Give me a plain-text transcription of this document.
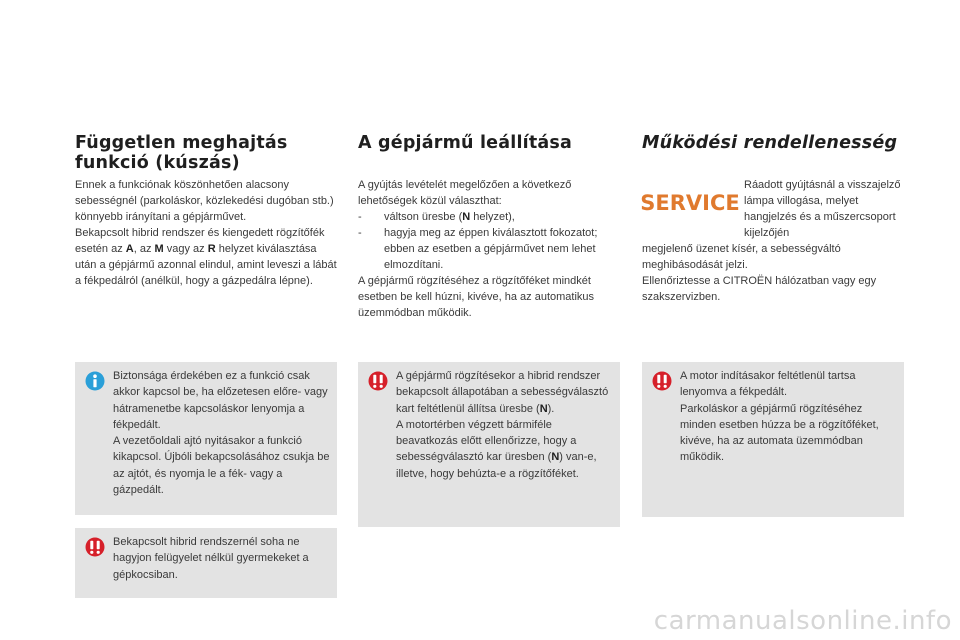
Független meghajtás
funkció (kúszás)

Ennek a funkciónak köszönhetően alacsony sebességnél (parkoláskor, közlekedési dugóban stb.) könnyebb irányítani a gépjárművet.

Bekapcsolt hibrid rendszer és kiengedett rögzítőfék esetén az A, az M vagy az R helyzet kiválasztása után a gépjármű azonnal elindul, amint leveszi a lábát a fékpedálról (anélkül, hogy a gázpedálra lépne).

Biztonsága érdekében ez a funkció csak akkor kapcsol be, ha előzetesen előre- vagy hátramenetbe kapcsoláskor lenyomja a fékpedált.

A vezetőoldali ajtó nyitásakor a funkció kikapcsol. Újbóli bekapcsolásához csukja be az ajtót, és nyomja le a fék- vagy a gázpedált.

Bekapcsolt hibrid rendszernél soha ne hagyjon felügyelet nélkül gyermekeket a gépkocsiban.
A gépjármű leállítása

A gyújtás levételét megelőzően a következő lehetőségek közül választhat:

-	váltson üresbe (N helyzet),
-	hagyja meg az éppen kiválasztott fokozatot; ebben az esetben a gépjárművet nem lehet elmozdítani.

A gépjármű rögzítéséhez a rögzítőféket mindkét esetben be kell húzni, kivéve, ha az automatikus üzemmódban működik.

A gépjármű rögzítésekor a hibrid rendszer bekapcsolt állapotában a sebességválasztó kart feltétlenül állítsa üresbe (N).

A motortérben végzett bármiféle beavatkozás előtt ellenőrizze, hogy a sebességválasztó kar üresben (N) van-e, illetve, hogy behúzta-e a rögzítőféket.

Működési rendellenesség
SERVICE

Ráadott gyújtásnál a visszajelző lámpa villogása, melyet hangjelzés és a műszercsoport kijelzőjén

megjelenő üzenet kísér, a sebességváltó meghibásodását jelzi.

Ellenőriztesse a CITROËN hálózatban vagy egy szakszervizben.

A motor indításakor feltétlenül tartsa lenyomva a fékpedált.

Parkoláskor a gépjármű rögzítéséhez minden esetben húzza be a rögzítőféket, kivéve, ha az automata üzemmódban működik.

carmanualsonline.info
